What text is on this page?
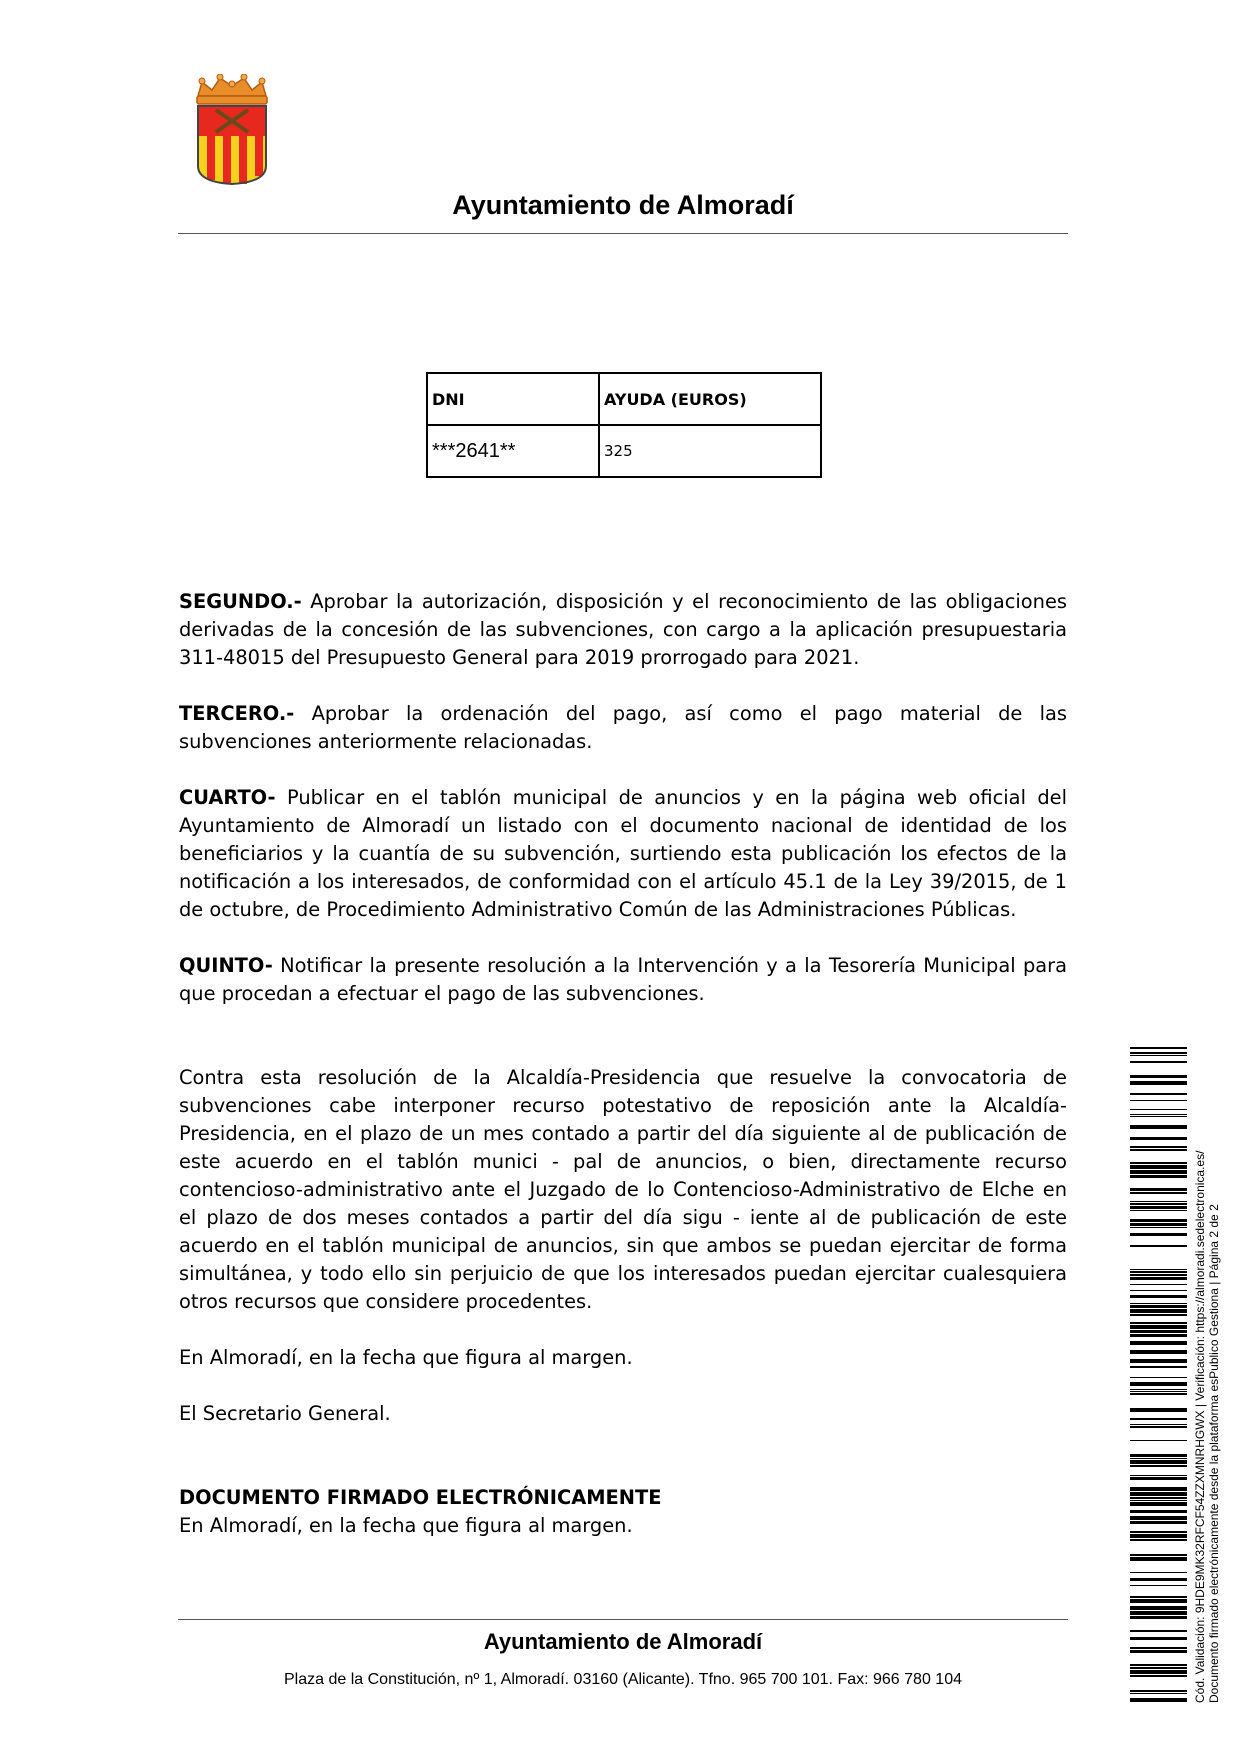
Ayuntamiento de Almoradí
DNI	AYUDA (EUROS)
***2641**	325

SEGUNDO.- Aprobar la autorización, disposición y el reconocimiento de las obligaciones derivadas de la concesión de las subvenciones, con cargo a la aplicación presupuestaria 311-48015 del Presupuesto General para 2019 prorrogado para 2021.

TERCERO.- Aprobar la ordenación del pago, así como el pago material de las subvenciones anteriormente relacionadas.

CUARTO- Publicar en el tablón municipal de anuncios y en la página web oficial del Ayuntamiento de Almoradí un listado con el documento nacional de identidad de los beneficiarios y la cuantía de su subvención, surtiendo esta publicación los efectos de la notificación a los interesados, de conformidad con el artículo 45.1 de la Ley 39/2015, de 1 de octubre, de Procedimiento Administrativo Común de las Administraciones Públicas.

QUINTO- Notificar la presente resolución a la Intervención y a la Tesorería Municipal para que procedan a efectuar el pago de las subvenciones.

Contra esta resolución de la Alcaldía-Presidencia que resuelve la convocatoria de subvenciones cabe interponer recurso potestativo de reposición ante la Alcaldía-Presidencia, en el plazo de un mes contado a partir del día siguiente al de publicación de este acuerdo en el tablón munici - pal de anuncios, o bien, directamente recurso contencioso-administrativo ante el Juzgado de lo Contencioso-Administrativo de Elche en el plazo de dos meses contados a partir del día sigu - iente al de publicación de este acuerdo en el tablón municipal de anuncios, sin que ambos se puedan ejercitar de forma simultánea, y todo ello sin perjuicio de que los interesados puedan ejercitar cualesquiera otros recursos que considere procedentes.

En Almoradí, en la fecha que figura al margen.

El Secretario General.

DOCUMENTO FIRMADO ELECTRÓNICAMENTE

En Almoradí, en la fecha que figura al margen.

Ayuntamiento de Almoradí
Plaza de la Constitución, nº 1, Almoradí. 03160 (Alicante). Tfno. 965 700 101. Fax: 966 780 104	Cód. Validación: 9HDE9MK32RFCF54ZZXMNRHGWX | Verificación: https://almoradi.sedelectronica.es/ Documento firmado electrónicamente desde la plataforma esPublico Gestiona | Página 2 de 2
